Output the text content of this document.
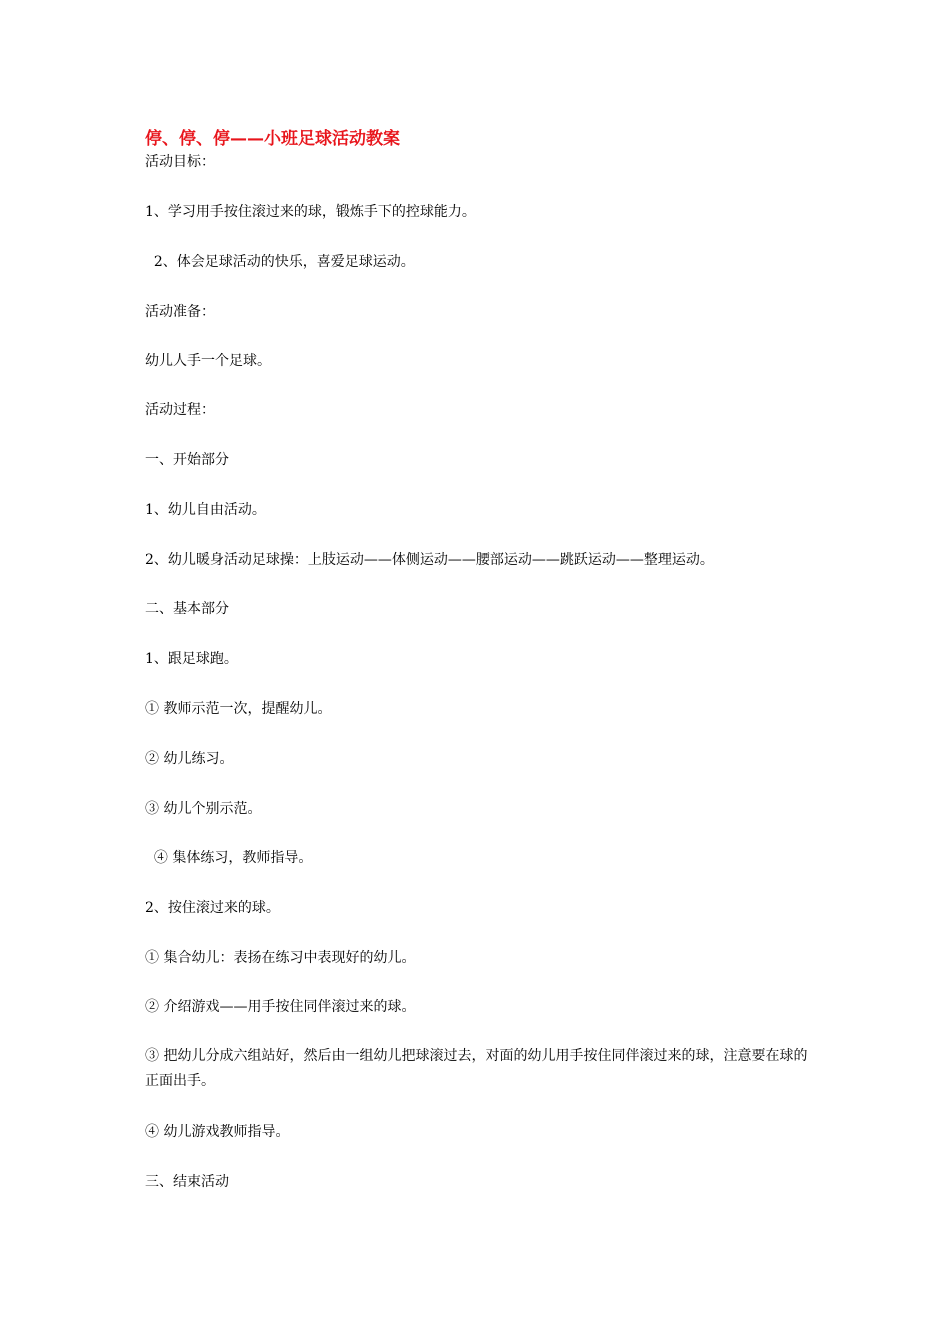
停、停、停——小班足球活动教案
活动目标：
1、学习用手按住滚过来的球，锻炼手下的控球能力。
2、体会足球活动的快乐，喜爱足球运动。
活动准备：
幼儿人手一个足球。
活动过程：
一、开始部分
1、幼儿自由活动。
2、幼儿暖身活动足球操：上肢运动——体侧运动——腰部运动——跳跃运动——整理运动。
二、基本部分
1、跟足球跑。
① 教师示范一次，提醒幼儿。
② 幼儿练习。
③ 幼儿个别示范。
④ 集体练习，教师指导。
2、按住滚过来的球。
① 集合幼儿：表扬在练习中表现好的幼儿。
② 介绍游戏——用手按住同伴滚过来的球。
③ 把幼儿分成六组站好，然后由一组幼儿把球滚过去，对面的幼儿用手按住同伴滚过来的球，注意要在球的正面出手。
④ 幼儿游戏教师指导。
三、结束活动
